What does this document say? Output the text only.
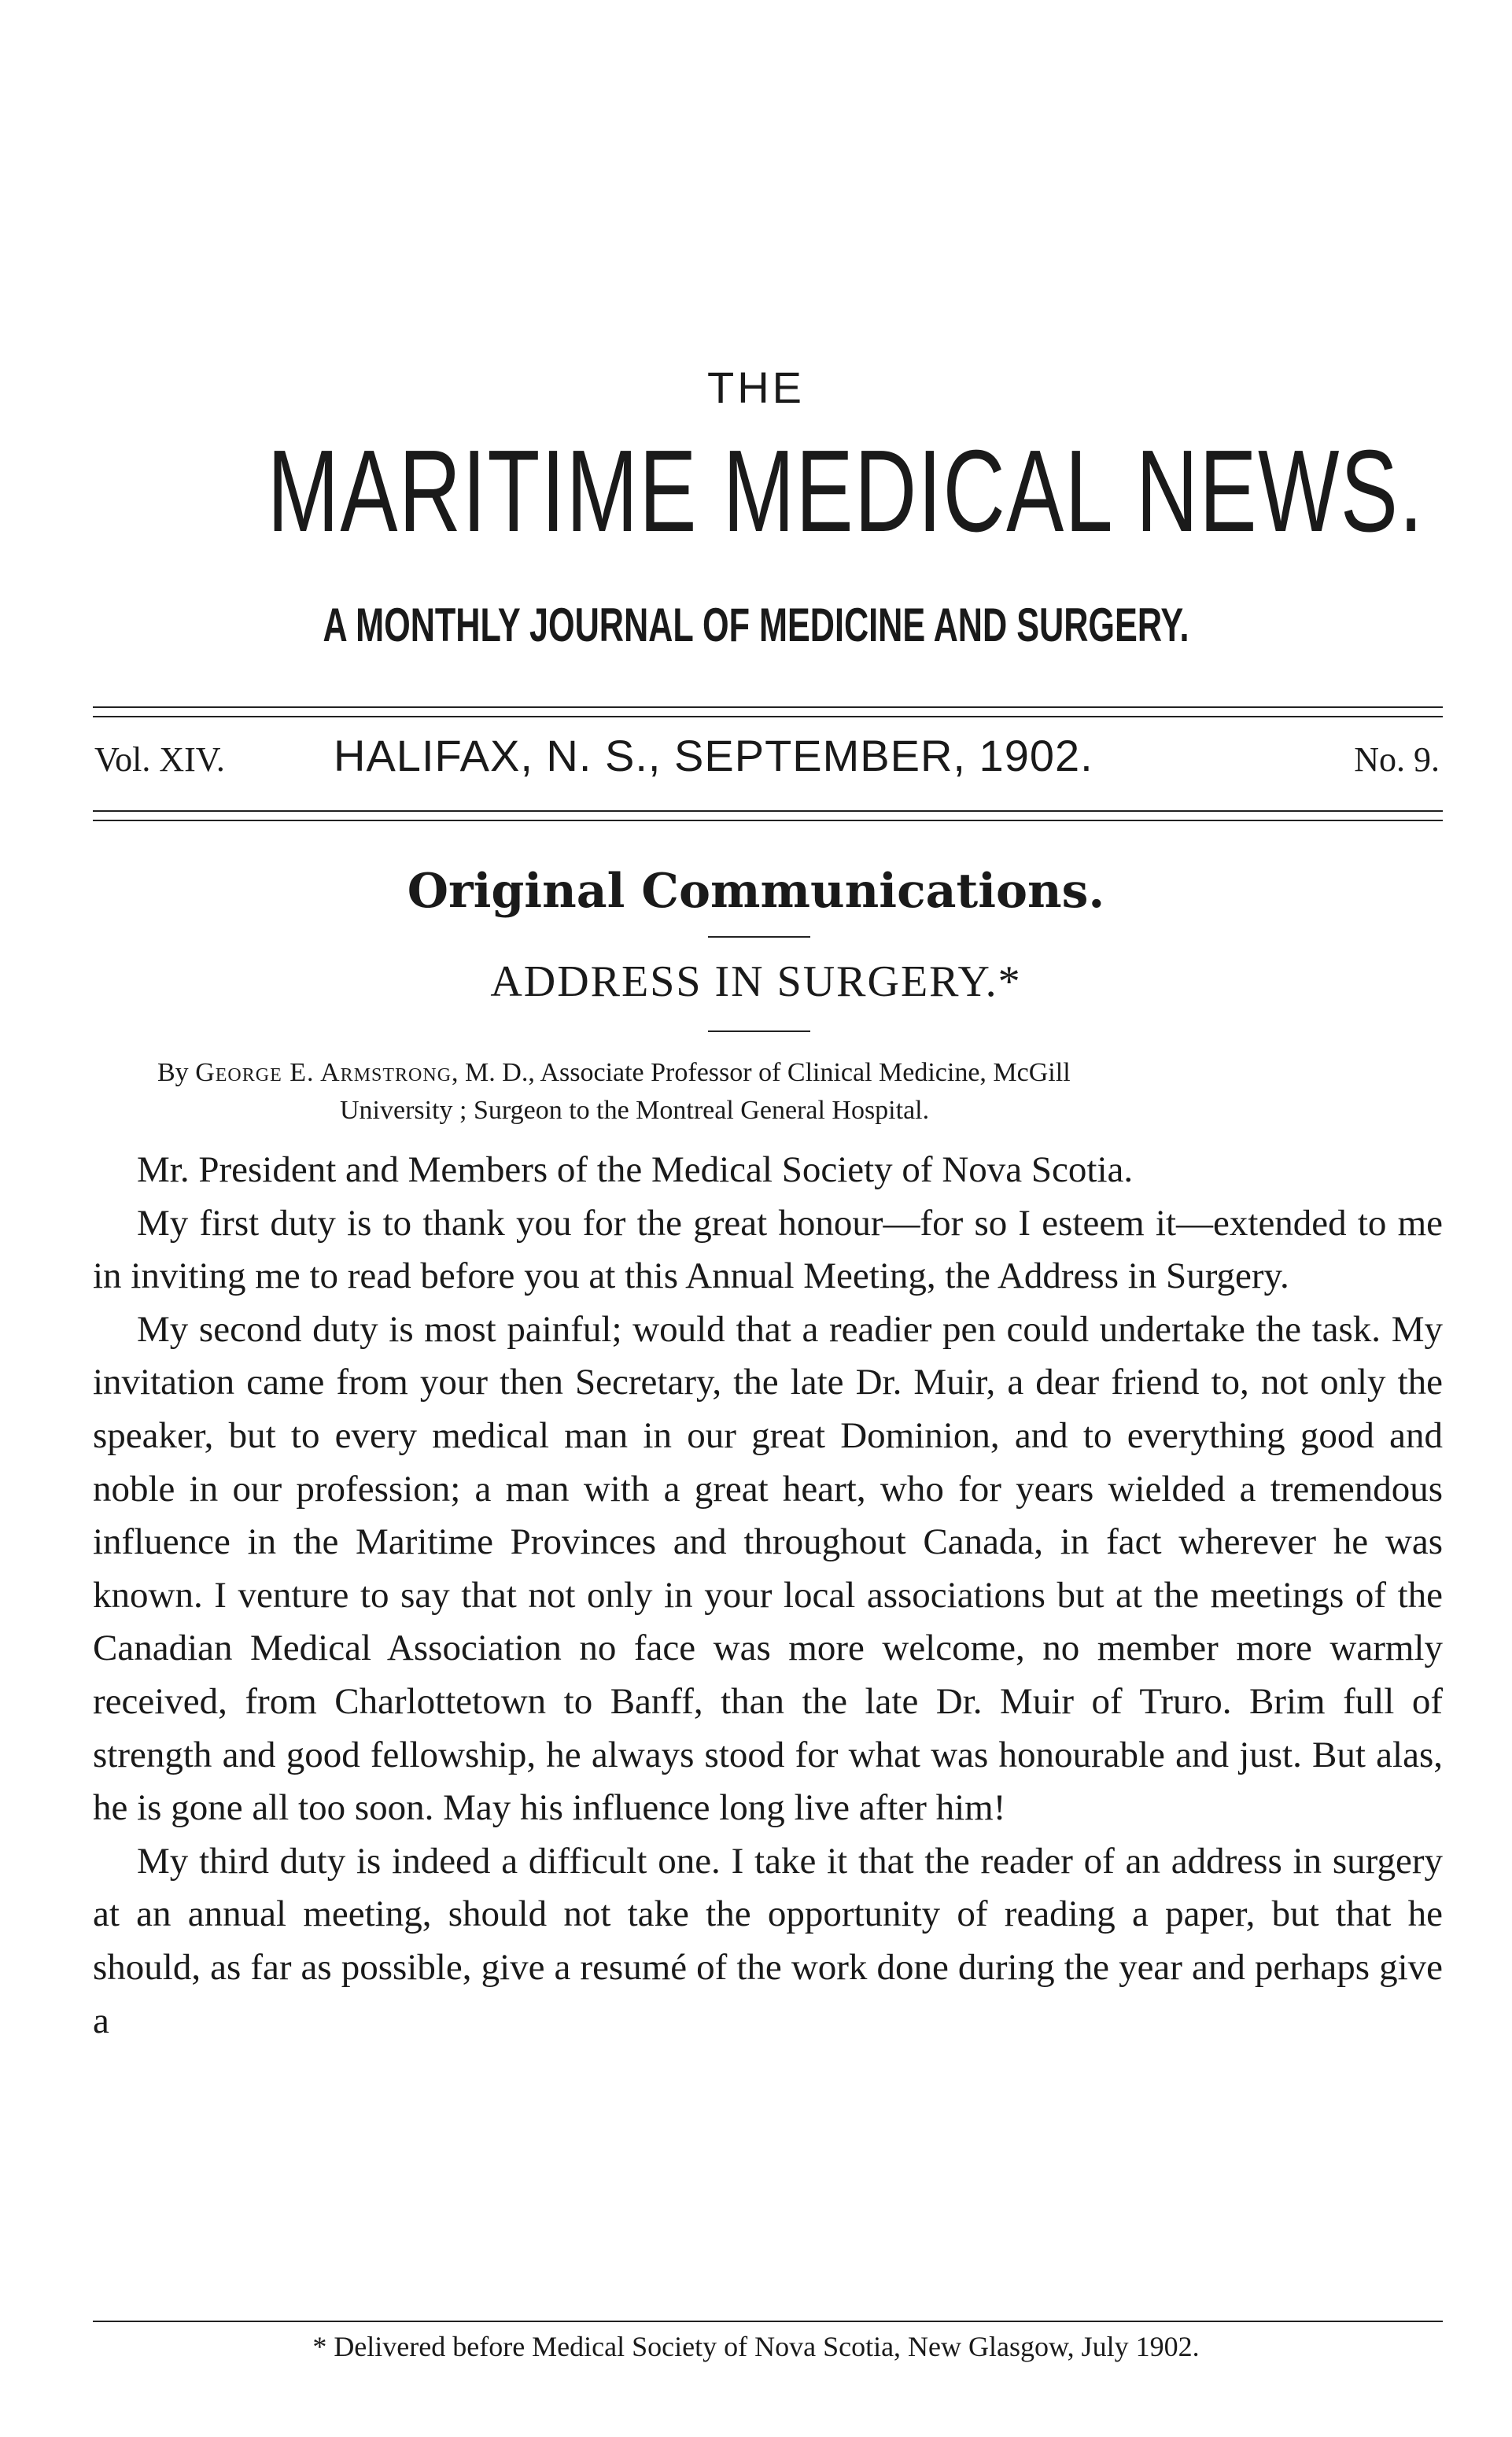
THE
MARITIME MEDICAL NEWS.
A MONTHLY JOURNAL OF MEDICINE AND SURGERY.
Vol. XIV. HALIFAX, N. S., SEPTEMBER, 1902.	No. 9.
Original Communications.
ADDRESS IN SURGERY.*
By George E. Armstrong, M. D., Associate Professor of Clinical Medicine, McGill
University ; Surgeon to the Montreal General Hospital.

Mr. President and Members of the Medical Society of Nova Scotia.

My first duty is to thank you for the great honour—for so I esteem it—extended to me in inviting me to read before you at this Annual Meeting, the Address in Surgery.

My second duty is most painful; would that a readier pen could undertake the task. My invitation came from your then Secretary, the late Dr. Muir, a dear friend to, not only the speaker, but to every medical man in our great Dominion, and to everything good and noble in our profession; a man with a great heart, who for years wielded a tremendous influence in the Maritime Provinces and throughout Canada, in fact wherever he was known. I venture to say that not only in your local associations but at the meetings of the Canadian Medical Association no face was more welcome, no member more warmly received, from Charlottetown to Banff, than the late Dr. Muir of Truro. Brim full of strength and good fellowship, he always stood for what was honourable and just. But alas, he is gone all too soon. May his influence long live after him!

My third duty is indeed a difficult one. I take it that the reader of an address in surgery at an annual meeting, should not take the opportunity of reading a paper, but that he should, as far as possible, give a resumé of the work done during the year and perhaps give a

* Delivered before Medical Society of Nova Scotia, New Glasgow, July 1902.
